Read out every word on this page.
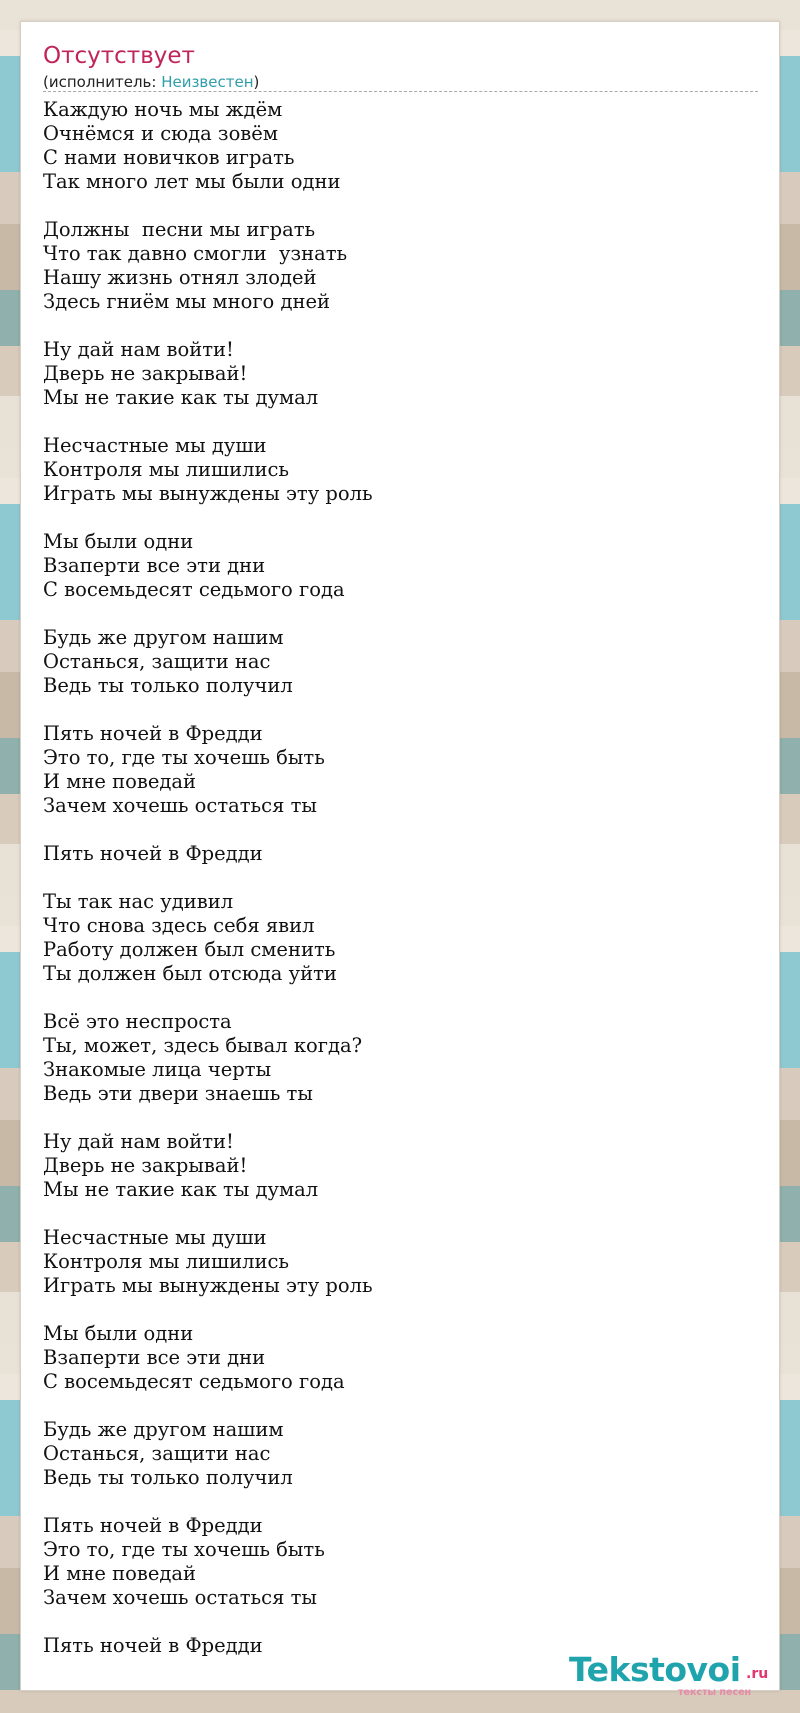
Отсутствует
(исполнитель: Неизвестен)
Каждую ночь мы ждём
Очнёмся и сюда зовём
С нами новичков играть
Так много лет мы были одни
Должны  песни мы играть
Что так давно смогли  узнать
Нашу жизнь отнял злодей
Здесь гниём мы много дней
Ну дай нам войти!
Дверь не закрывай!
Мы не такие как ты думал
Несчастные мы души
Контроля мы лишились
Играть мы вынуждены эту роль
Мы были одни
Взаперти все эти дни
С восемьдесят седьмого года
Будь же другом нашим
Останься, защити нас
Ведь ты только получил
Пять ночей в Фредди
Это то, где ты хочешь быть
И мне поведай
Зачем хочешь остаться ты
Пять ночей в Фредди
Ты так нас удивил
Что снова здесь себя явил
Работу должен был сменить
Ты должен был отсюда уйти
Всё это неспроста
Ты, может, здесь бывал когда?
Знакомые лица черты
Ведь эти двери знаешь ты
Ну дай нам войти!
Дверь не закрывай!
Мы не такие как ты думал
Несчастные мы души
Контроля мы лишились
Играть мы вынуждены эту роль
Мы были одни
Взаперти все эти дни
С восемьдесят седьмого года
Будь же другом нашим
Останься, защити нас
Ведь ты только получил
Пять ночей в Фредди
Это то, где ты хочешь быть
И мне поведай
Зачем хочешь остаться ты
Пять ночей в Фредди
Tekstovoi .ru
тексты песен
